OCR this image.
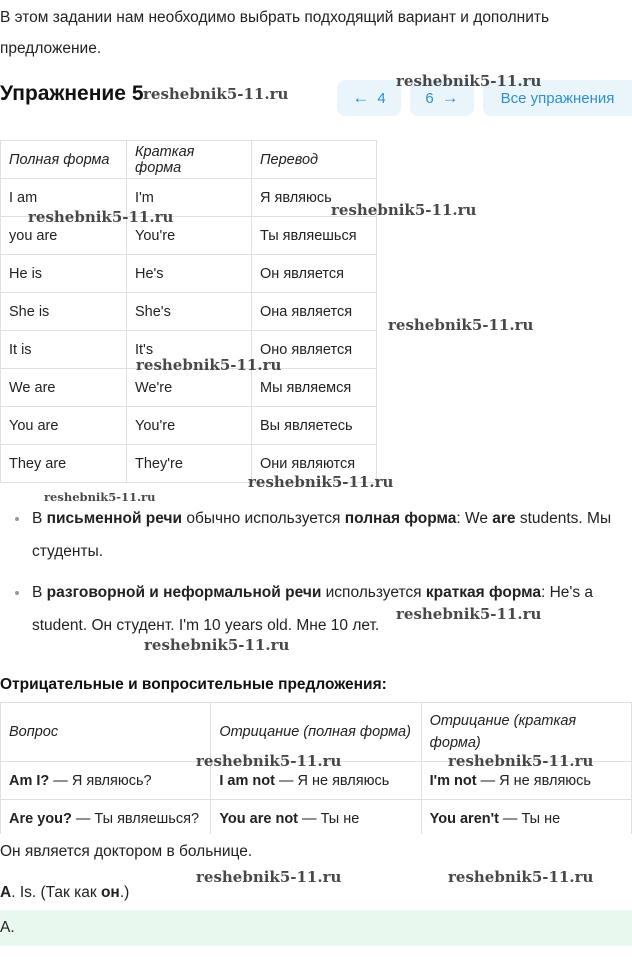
В этом задании нам необходимо выбрать подходящий вариант и дополнить предложение.
Упражнение 5	← 4	6 →	Все упражнения
Полная форма	Краткая форма	Перевод
I am	I'm	Я являюсь
you are	You're	Ты являешься
He is	He's	Он является
She is	She's	Она является
It is	It's	Оно является
We are	We're	Мы являемся
You are	You're	Вы являетесь
They are	They're	Они являются
В письменной речи обычно используется полная форма: We are students. Мы студенты.
В разговорной и неформальной речи используется краткая форма: He's a student. Он студент. I'm 10 years old. Мне 10 лет.
Отрицательные и вопросительные предложения:
Вопрос	Отрицание (полная форма)	Отрицание (краткая форма)
Am I? — Я являюсь?	I am not — Я не являюсь	I'm not — Я не являюсь
Are you? — Ты являешься?	You are not — Ты не	You aren't — Ты не
Он является доктором в больнице.
A. Is. (Так как он.)
A.
reshebnik5-11.ru
reshebnik5-11.ru
reshebnik5-11.ru	reshebnik5-11.ru
reshebnik5-11.ru
reshebnik5-11.ru
reshebnik5-11.ru
reshebnik5-11.ru
reshebnik5-11.ru
reshebnik5-11.ru
reshebnik5-11.ru	reshebnik5-11.ru
reshebnik5-11.ru	reshebnik5-11.ru
